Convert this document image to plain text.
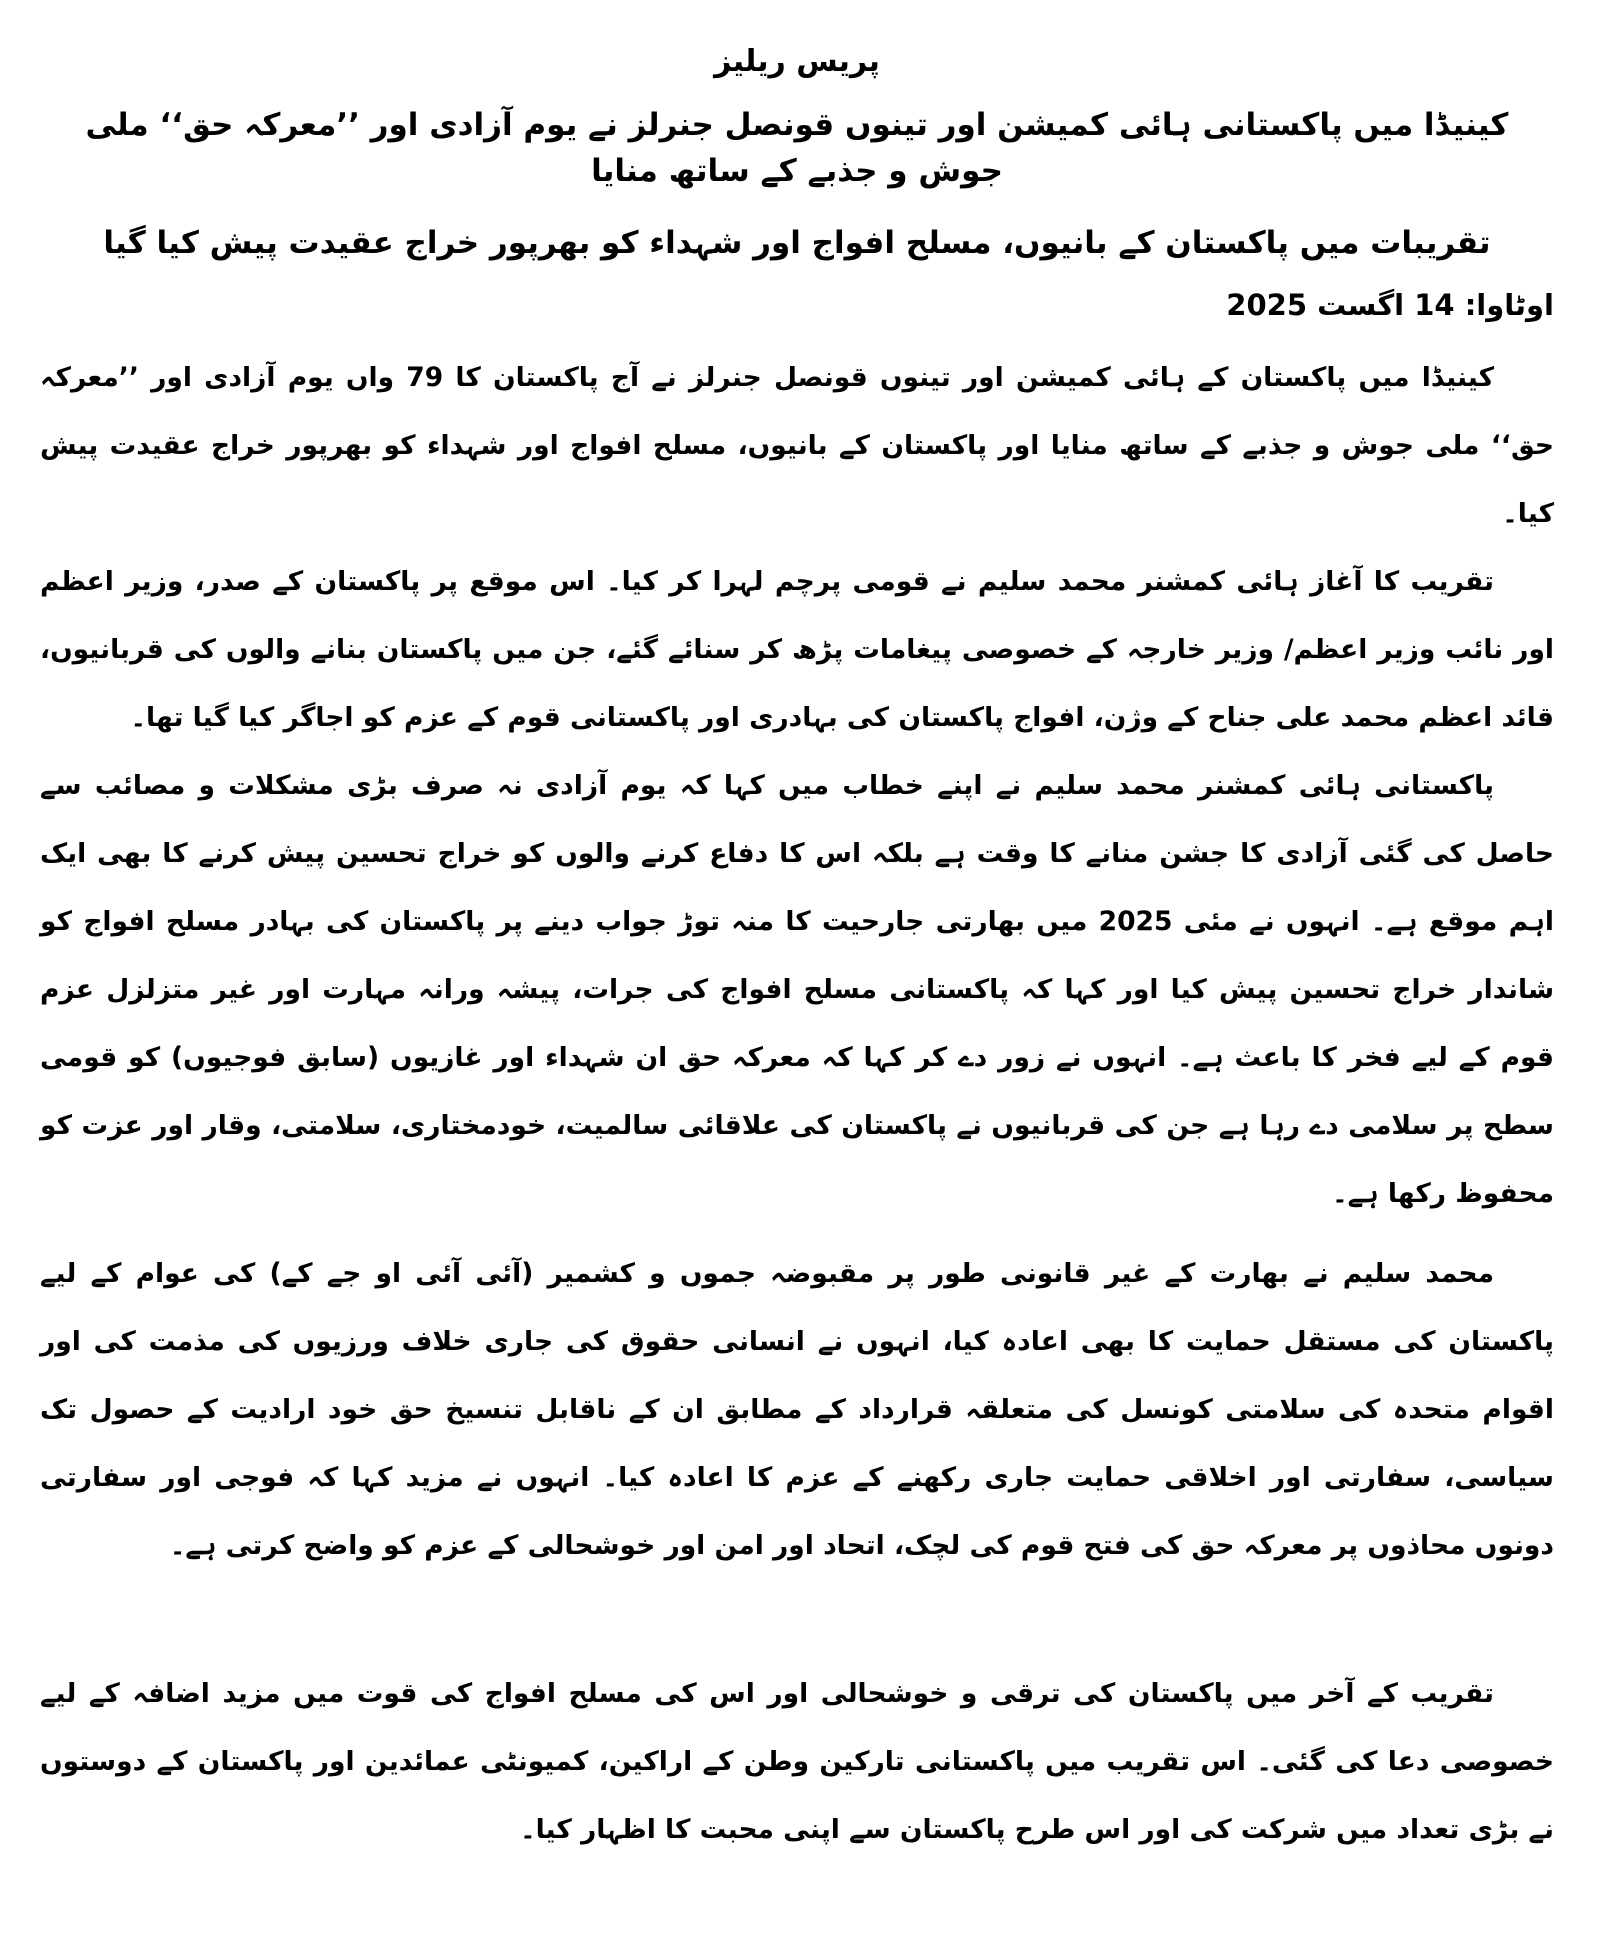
پریس ریلیز
کینیڈا میں پاکستانی ہائی کمیشن اور تینوں قونصل جنرلز نے یوم آزادی اور ’’معرکہ حق‘‘ ملی جوش و جذبے کے ساتھ منایا
تقریبات میں پاکستان کے بانیوں، مسلح افواج اور شہداء کو بھرپور خراج عقیدت پیش کیا گیا
اوٹاوا: 14 اگست 2025

کینیڈا میں پاکستان کے ہائی کمیشن اور تینوں قونصل جنرلز نے آج پاکستان کا 79 واں یوم آزادی اور ’’معرکہ حق‘‘ ملی جوش و جذبے کے ساتھ منایا اور پاکستان کے بانیوں، مسلح افواج اور شہداء کو بھرپور خراج عقیدت پیش کیا۔

تقریب کا آغاز ہائی کمشنر محمد سلیم نے قومی پرچم لہرا کر کیا۔ اس موقع پر پاکستان کے صدر، وزیر اعظم اور نائب وزیر اعظم/ وزیر خارجہ کے خصوصی پیغامات پڑھ کر سنائے گئے، جن میں پاکستان بنانے والوں کی قربانیوں، قائد اعظم محمد علی جناح کے وژن، افواج پاکستان کی بہادری اور پاکستانی قوم کے عزم کو اجاگر کیا گیا تھا۔

پاکستانی ہائی کمشنر محمد سلیم نے اپنے خطاب میں کہا کہ یوم آزادی نہ صرف بڑی مشکلات و مصائب سے حاصل کی گئی آزادی کا جشن منانے کا وقت ہے بلکہ اس کا دفاع کرنے والوں کو خراج تحسین پیش کرنے کا بھی ایک اہم موقع ہے۔ انہوں نے مئی 2025 میں بھارتی جارحیت کا منہ توڑ جواب دینے پر پاکستان کی بہادر مسلح افواج کو شاندار خراج تحسین پیش کیا اور کہا کہ پاکستانی مسلح افواج کی جرات، پیشہ ورانہ مہارت اور غیر متزلزل عزم قوم کے لیے فخر کا باعث ہے۔ انہوں نے زور دے کر کہا کہ معرکہ حق ان شہداء اور غازیوں (سابق فوجیوں) کو قومی سطح پر سلامی دے رہا ہے جن کی قربانیوں نے پاکستان کی علاقائی سالمیت، خودمختاری، سلامتی، وقار اور عزت کو محفوظ رکھا ہے۔

محمد سلیم نے بھارت کے غیر قانونی طور پر مقبوضہ جموں و کشمیر (آئی آئی او جے کے) کی عوام کے لیے پاکستان کی مستقل حمایت کا بھی اعادہ کیا، انہوں نے انسانی حقوق کی جاری خلاف ورزیوں کی مذمت کی اور اقوام متحدہ کی سلامتی کونسل کی متعلقہ قرارداد کے مطابق ان کے ناقابل تنسیخ حق خود ارادیت کے حصول تک سیاسی، سفارتی اور اخلاقی حمایت جاری رکھنے کے عزم کا اعادہ کیا۔ انہوں نے مزید کہا کہ فوجی اور سفارتی دونوں محاذوں پر معرکہ حق کی فتح قوم کی لچک، اتحاد اور امن اور خوشحالی کے عزم کو واضح کرتی ہے۔

تقریب کے آخر میں پاکستان کی ترقی و خوشحالی اور اس کی مسلح افواج کی قوت میں مزید اضافہ کے لیے خصوصی دعا کی گئی۔ اس تقریب میں پاکستانی تارکین وطن کے اراکین، کمیونٹی عمائدین اور پاکستان کے دوستوں نے بڑی تعداد میں شرکت کی اور اس طرح پاکستان سے اپنی محبت کا اظہار کیا۔
